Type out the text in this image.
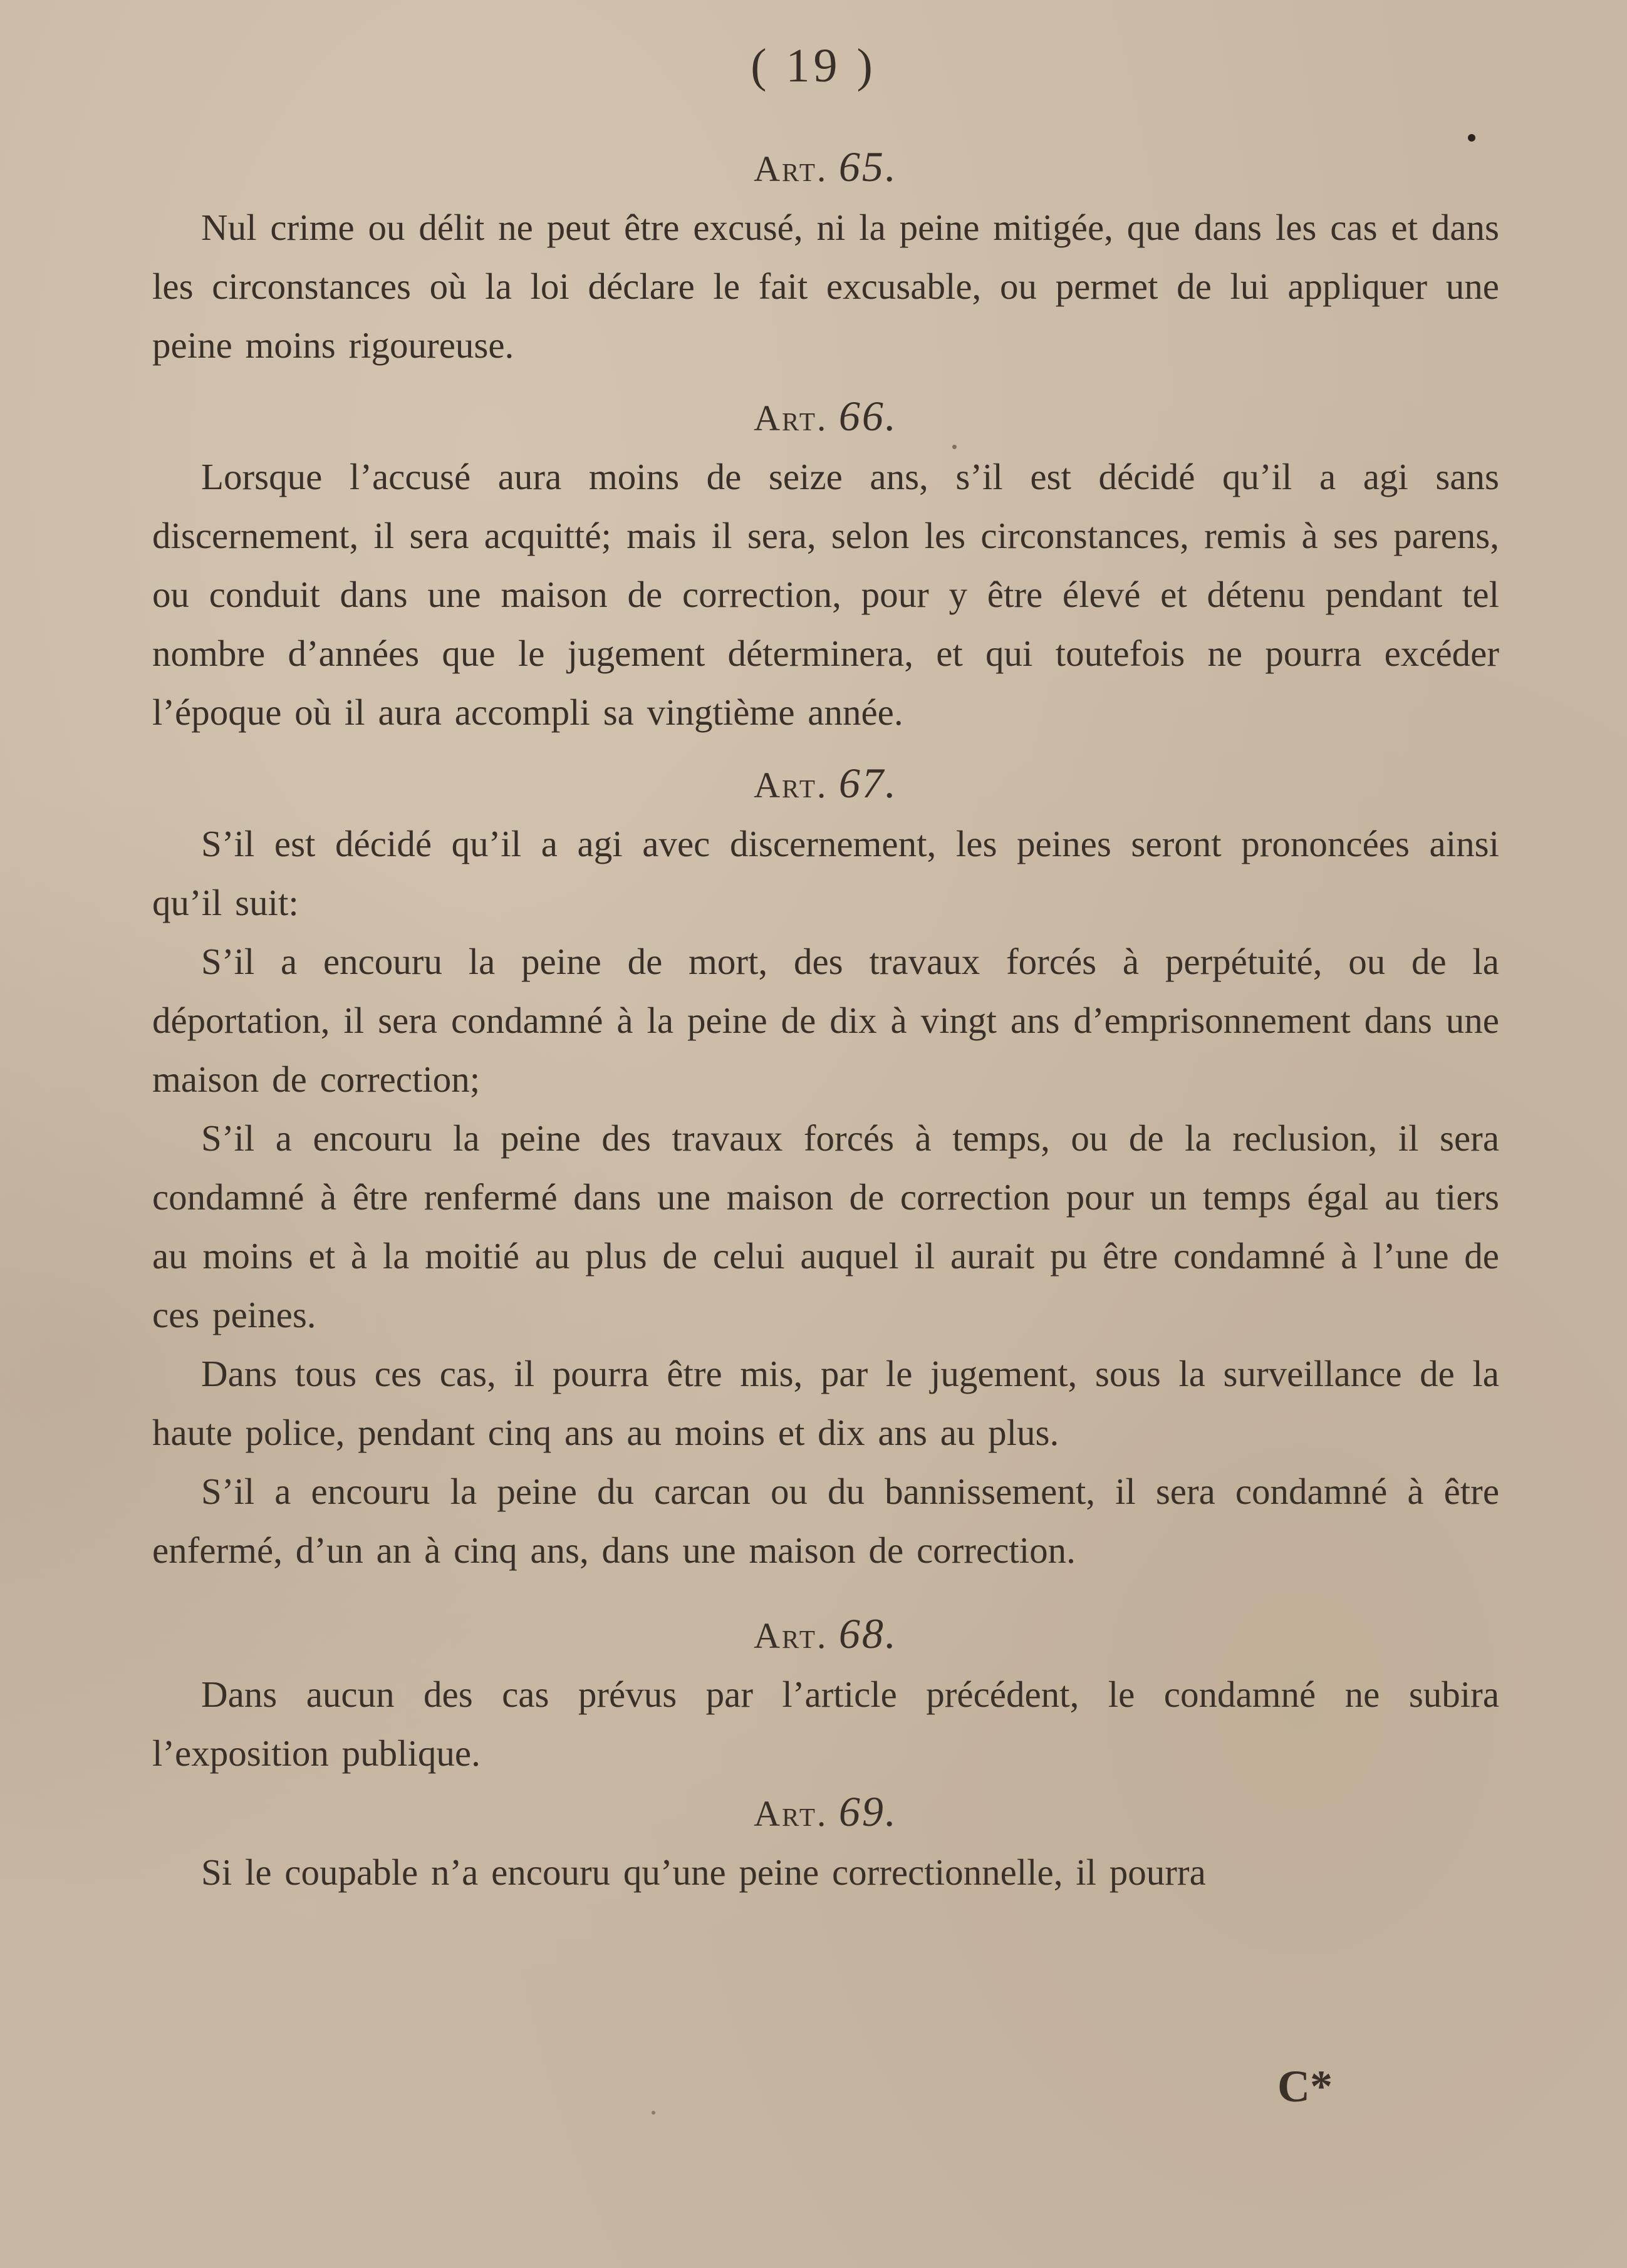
( 19 )
Art. 65.

Nul crime ou délit ne peut être excusé, ni la peine mitigée, que dans les cas et dans les circonstances où la loi déclare le fait excusable, ou permet de lui appliquer une peine moins rigoureuse.

Art. 66.

Lorsque l’accusé aura moins de seize ans, s’il est décidé qu’il a agi sans discernement, il sera acquitté; mais il sera, selon les circonstances, remis à ses parens, ou conduit dans une maison de correction, pour y être élevé et détenu pendant tel nombre d’années que le jugement déterminera, et qui toutefois ne pourra excéder l’époque où il aura accompli sa vingtième année.

Art. 67.

S’il est décidé qu’il a agi avec discernement, les peines seront prononcées ainsi qu’il suit:

S’il a encouru la peine de mort, des travaux forcés à perpétuité, ou de la déportation, il sera condamné à la peine de dix à vingt ans d’emprisonnement dans une maison de correction;

S’il a encouru la peine des travaux forcés à temps, ou de la reclusion, il sera condamné à être renfermé dans une maison de correction pour un temps égal au tiers au moins et à la moitié au plus de celui auquel il aurait pu être condamné à l’une de ces peines.

Dans tous ces cas, il pourra être mis, par le jugement, sous la surveillance de la haute police, pendant cinq ans au moins et dix ans au plus.

S’il a encouru la peine du carcan ou du bannissement, il sera condamné à être enfermé, d’un an à cinq ans, dans une maison de correction.

Art. 68.

Dans aucun des cas prévus par l’article précédent, le condamné ne subira l’exposition publique.

Art. 69.

Si le coupable n’a encouru qu’une peine correctionnelle, il pourra

C*
